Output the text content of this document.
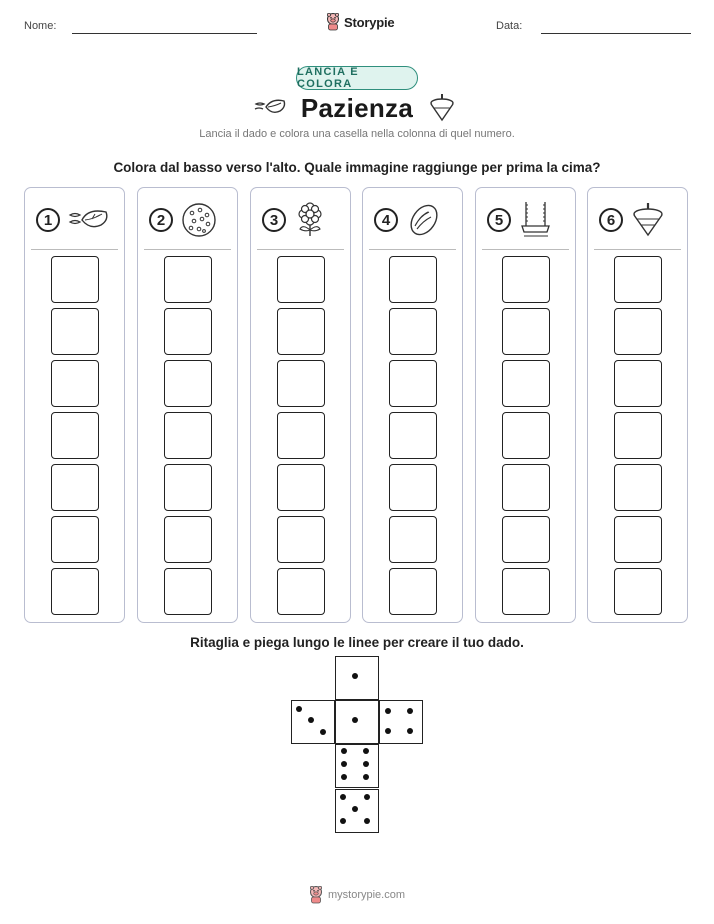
Nome:	Storypie	Data:
LANCIA E COLORA
Pazienza
Lancia il dado e colora una casella nella colonna di quel numero.
Colora dal basso verso l'alto. Quale immagine raggiunge per prima la cima?
1	2	3	4	5	6
Ritaglia e piega lungo le linee per creare il tuo dado.
mystorypie.com
